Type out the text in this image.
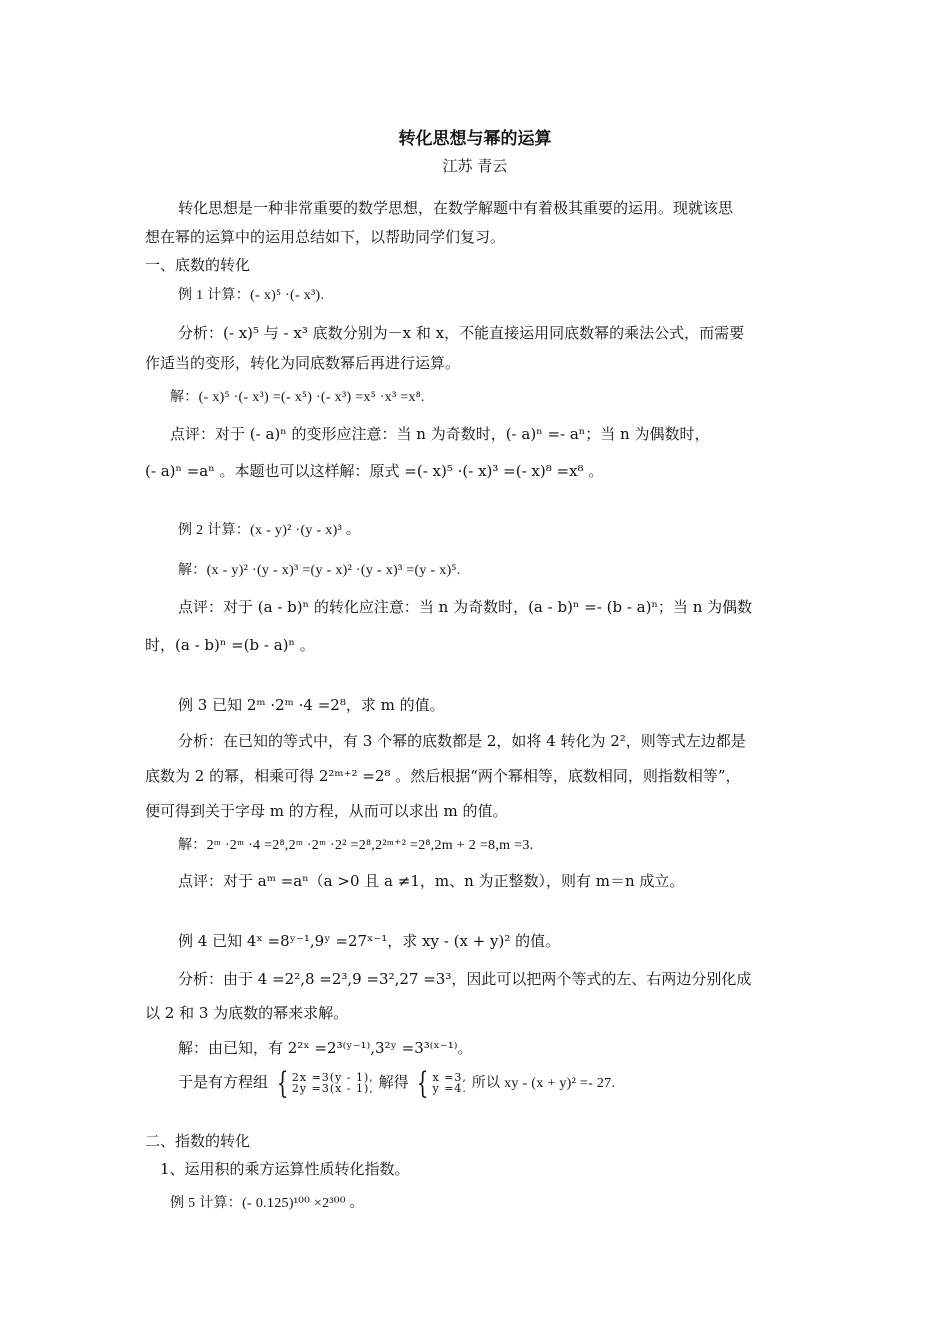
转化思想与幂的运算
江苏 青云
转化思想是一种非常重要的数学思想，在数学解题中有着极其重要的运用。现就该思
想在幂的运算中的运用总结如下，以帮助同学们复习。
一、底数的转化
例 1 计算：(- x)⁵ ·(- x³).
分析：(- x)⁵ 与 - x³ 底数分别为－x 和 x，不能直接运用同底数幂的乘法公式，而需要
作适当的变形，转化为同底数幂后再进行运算。
解：(- x)⁵ ·(- x³) =(- x⁵) ·(- x³) =x⁵ ·x³ =x⁸.
点评：对于 (- a)ⁿ 的变形应注意：当 n 为奇数时，(- a)ⁿ =- aⁿ；当 n 为偶数时，
(- a)ⁿ =aⁿ 。本题也可以这样解：原式 =(- x)⁵ ·(- x)³ =(- x)⁸ =x⁸ 。
例 2 计算：(x - y)² ·(y - x)³ 。
解：(x - y)² ·(y - x)³ =(y - x)² ·(y - x)³ =(y - x)⁵.
点评：对于 (a - b)ⁿ 的转化应注意：当 n 为奇数时，(a - b)ⁿ =- (b - a)ⁿ；当 n 为偶数
时，(a - b)ⁿ =(b - a)ⁿ 。
例 3 已知 2ᵐ ·2ᵐ ·4 =2⁸，求 m 的值。
分析：在已知的等式中，有 3 个幂的底数都是 2，如将 4 转化为 2²，则等式左边都是
底数为 2 的幂，相乘可得 2²ᵐ⁺² =2⁸ 。然后根据“两个幂相等，底数相同，则指数相等”，
便可得到关于字母 m 的方程，从而可以求出 m 的值。
解：2ᵐ ·2ᵐ ·4 =2⁸,2ᵐ ·2ᵐ ·2² =2⁸,2²ᵐ⁺² =2⁸,2m + 2 =8,m =3.
点评：对于 aᵐ =aⁿ（a >0 且 a ≠1，m、n 为正整数），则有 m＝n 成立。
例 4 已知 4ˣ =8ʸ⁻¹,9ʸ =27ˣ⁻¹，求 xy - (x + y)² 的值。
分析：由于 4 =2²,8 =2³,9 =3²,27 =3³，因此可以把两个等式的左、右两边分别化成
以 2 和 3 为底数的幂来求解。
解：由已知，有 2²ˣ =2³⁽ʸ⁻¹⁾,3²ʸ =3³⁽ˣ⁻¹⁾。
于是有方程组 { 2x =3(y - 1),
2y =3(x - 1), 解得 { x =3,
y =4. 所以 xy - (x + y)² =- 27.
二、指数的转化
1、运用积的乘方运算性质转化指数。
例 5 计算：(- 0.125)¹⁰⁰ ×2³⁰⁰ 。
